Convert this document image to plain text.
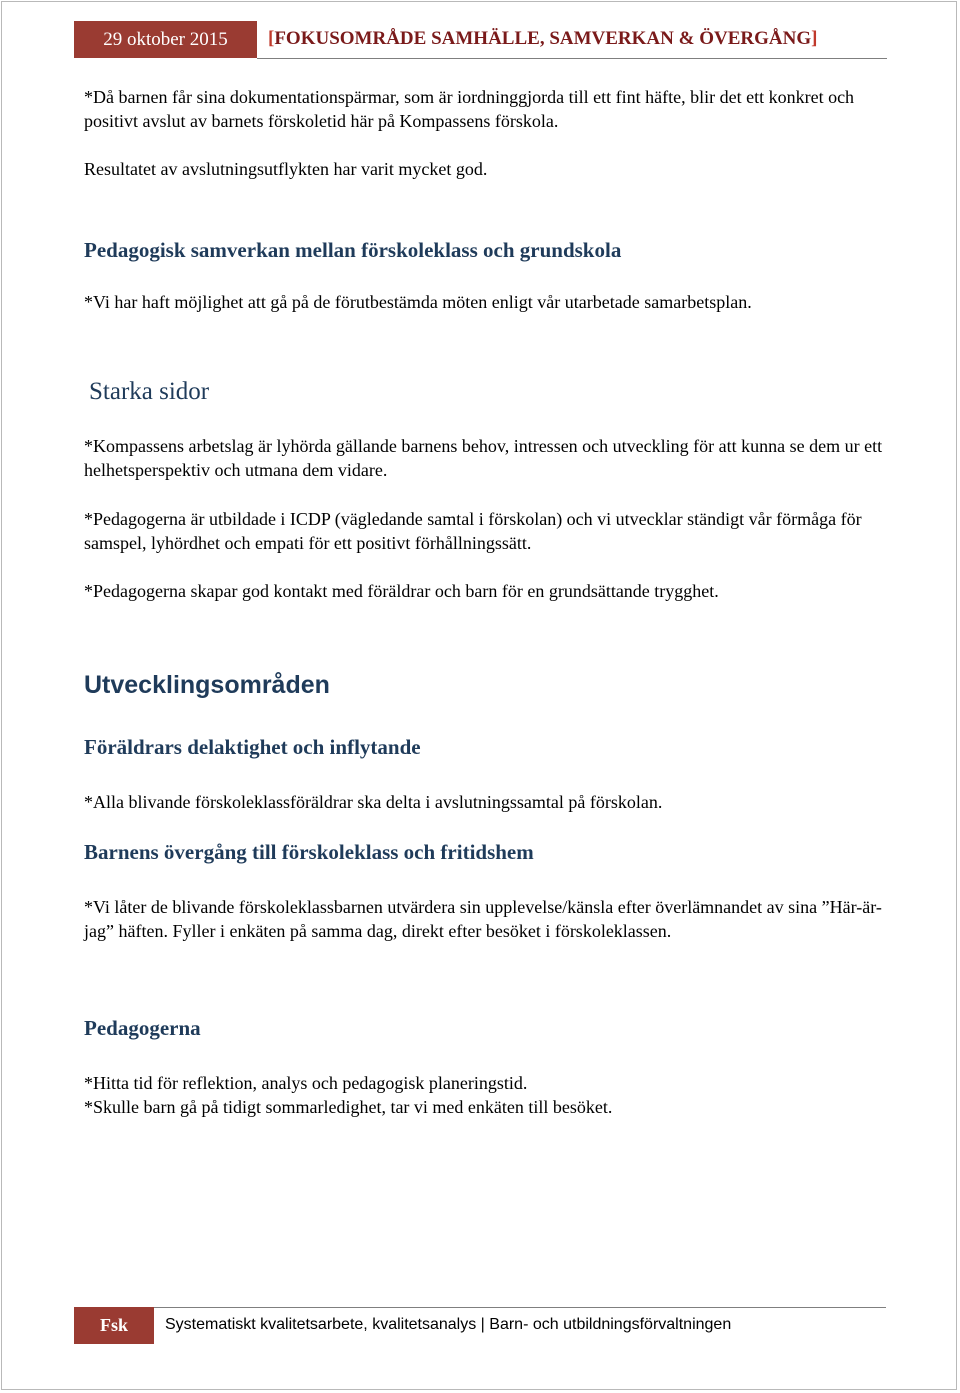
29 oktober 2015 [FOKUSOMRÅDE SAMHÄLLE, SAMVERKAN & ÖVERGÅNG]

*Då barnen får sina dokumentationspärmar, som är iordninggjorda till ett fint häfte, blir det ett konkret och positivt avslut av barnets förskoletid här på Kompassens förskola.

Resultatet av avslutningsutflykten har varit mycket god.

Pedagogisk samverkan mellan förskoleklass och grundskola

*Vi har haft möjlighet att gå på de förutbestämda möten enligt vår utarbetade samarbetsplan.

Starka sidor

*Kompassens arbetslag är lyhörda gällande barnens behov, intressen och utveckling för att kunna se dem ur ett helhetsperspektiv och utmana dem vidare.

*Pedagogerna är utbildade i ICDP (vägledande samtal i förskolan) och vi utvecklar ständigt vår förmåga för samspel, lyhördhet och empati för ett positivt förhållningssätt.

*Pedagogerna skapar god kontakt med föräldrar och barn för en grundsättande trygghet.

Utvecklingsområden
Föräldrars delaktighet och inflytande

*Alla blivande förskoleklassföräldrar ska delta i avslutningssamtal på förskolan.

Barnens övergång till förskoleklass och fritidshem

*Vi låter de blivande förskoleklassbarnen utvärdera sin upplevelse/känsla efter överlämnandet av sina ”Här-är-jag” häften. Fyller i enkäten på samma dag, direkt efter besöket i förskoleklassen.

Pedagogerna

*Hitta tid för reflektion, analys och pedagogisk planeringstid.

*Skulle barn gå på tidigt sommarledighet, tar vi med enkäten till besöket.

Fsk Systematiskt kvalitetsarbete, kvalitetsanalys | Barn- och utbildningsförvaltningen
